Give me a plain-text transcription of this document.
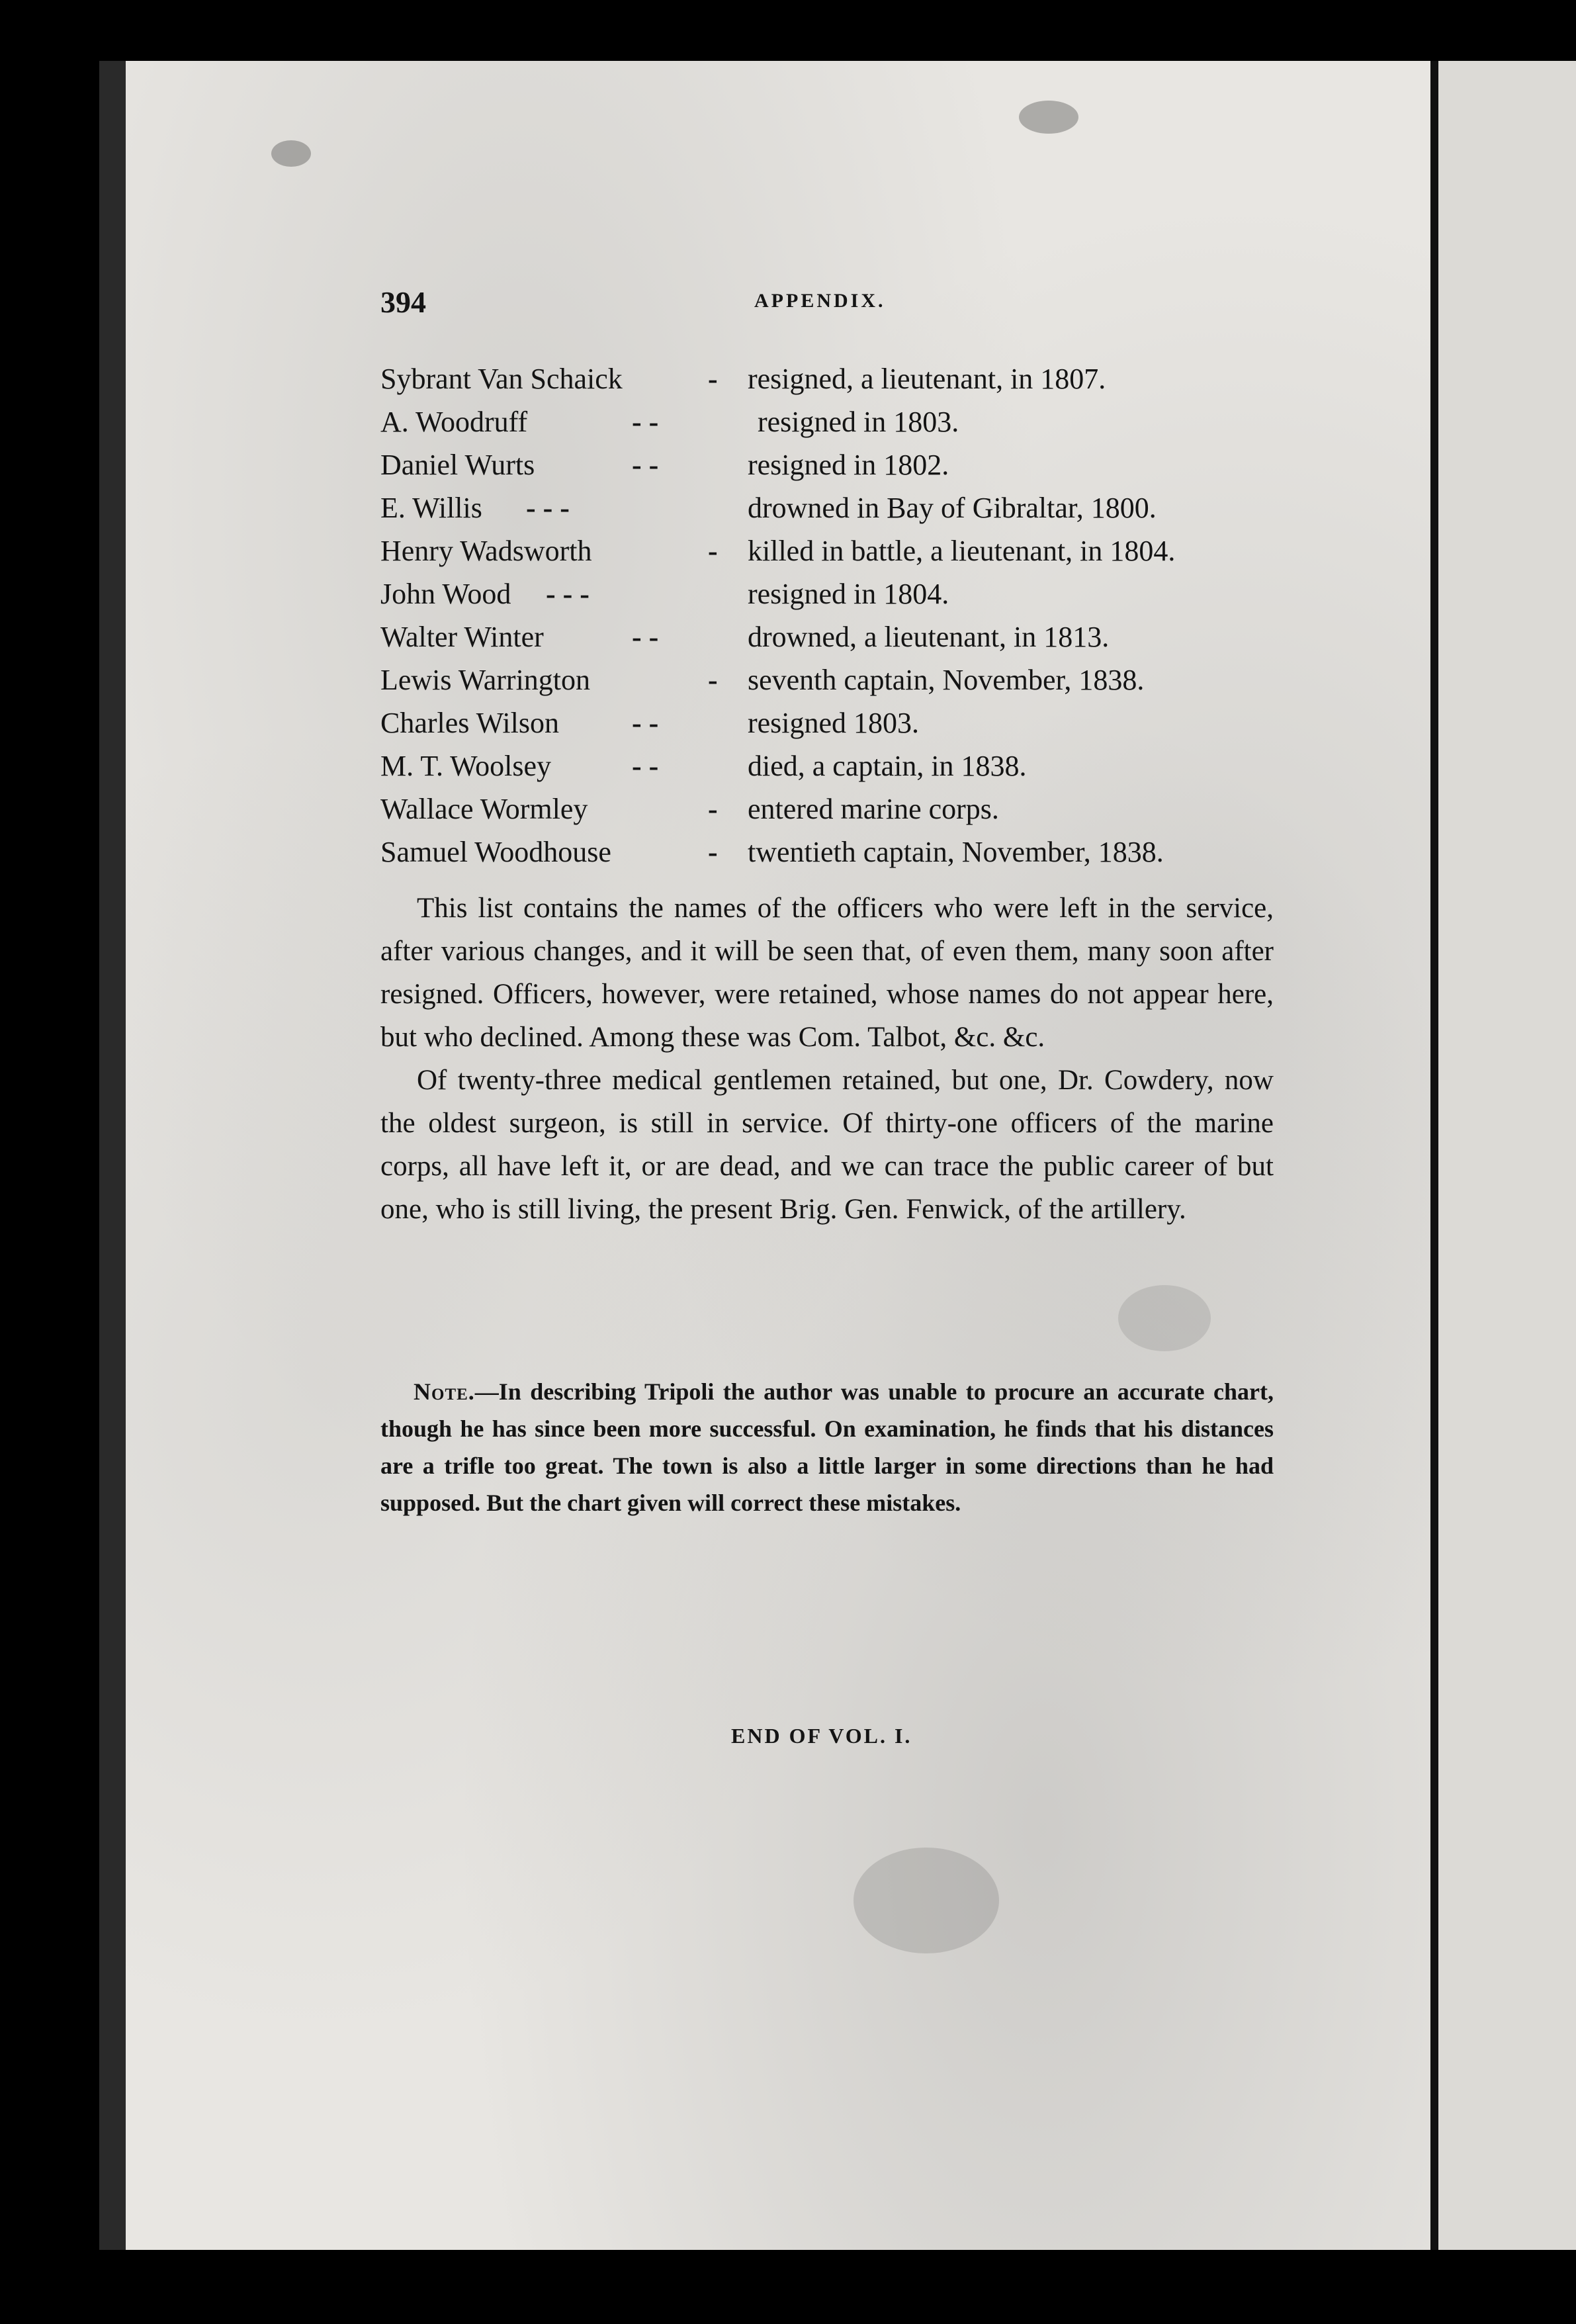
394	APPENDIX.
Sybrant Van Schaick	- resigned, a lieutenant, in 1807.
A. Woodruff	- -	resigned in 1803.
Daniel Wurts	- -	resigned in 1802.
E. Willis - - -	drowned in Bay of Gibraltar, 1800.
Henry Wadsworth	- killed in battle, a lieutenant, in 1804.
John Wood - - -	resigned in 1804.
Walter Winter	- -	drowned, a lieutenant, in 1813.
Lewis Warrington	- seventh captain, November, 1838.
Charles Wilson	- -	resigned 1803.
M. T. Woolsey	- -	died, a captain, in 1838.
Wallace Wormley	- entered marine corps.
Samuel Woodhouse	- twentieth captain, November, 1838.

This list contains the names of the officers who were left in the service, after various changes, and it will be seen that, of even them, many soon after resigned. Officers, however, were retained, whose names do not appear here, but who declined. Among these was Com. Talbot, &c. &c.

Of twenty-three medical gentlemen retained, but one, Dr. Cowdery, now the oldest surgeon, is still in service. Of thirty-one officers of the marine corps, all have left it, or are dead, and we can trace the public career of but one, who is still living, the present Brig. Gen. Fenwick, of the artillery.

Note.—In describing Tripoli the author was unable to procure an accurate chart, though he has since been more successful. On examination, he finds that his distances are a trifle too great. The town is also a little larger in some directions than he had supposed. But the chart given will correct these mistakes.

END OF VOL. I.
